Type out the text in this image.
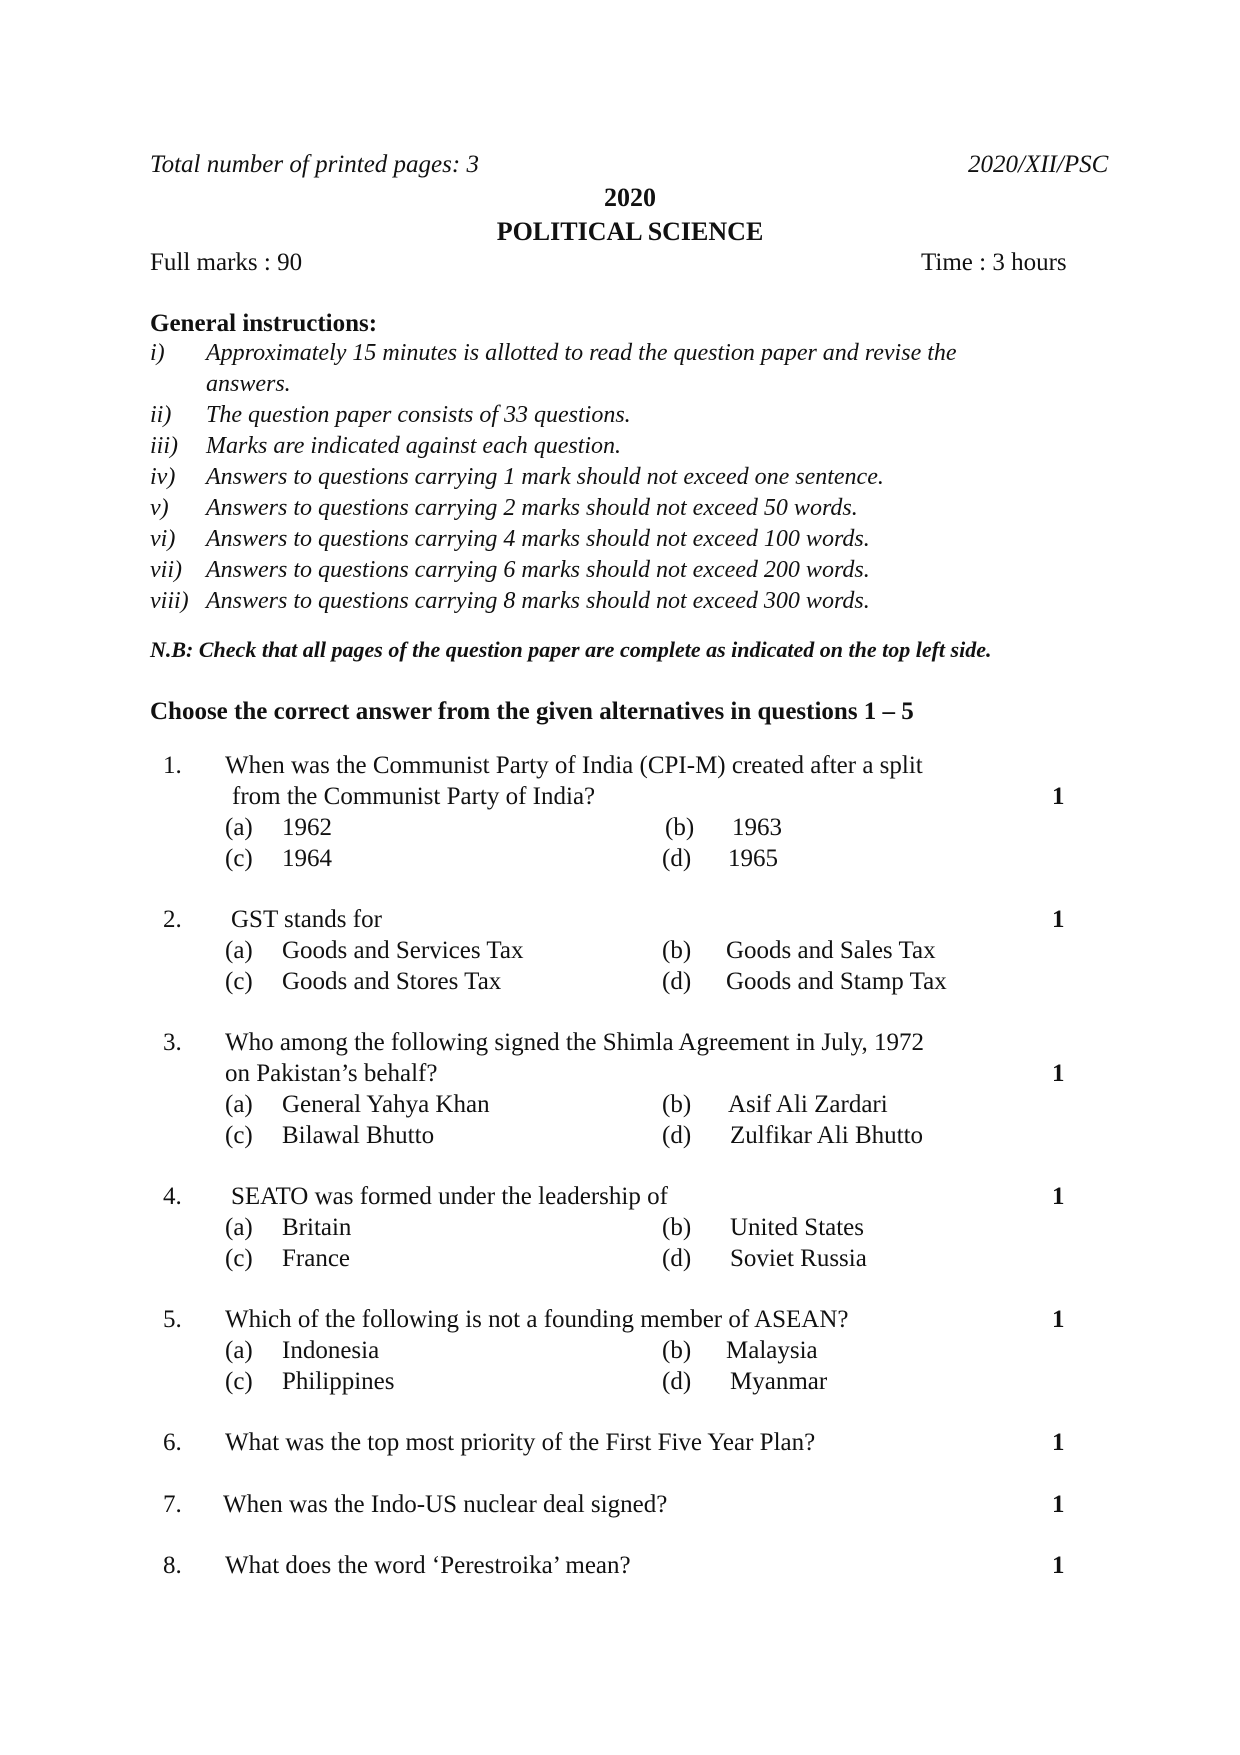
Total number of printed pages: 3	2020/XII/PSC
2020
POLITICAL SCIENCE
Full marks : 90	Time : 3 hours
General instructions:
i)	Approximately 15 minutes is allotted to read the question paper and revise the
answers.
ii)	The question paper consists of 33 questions.
iii)	Marks are indicated against each question.
iv)	Answers to questions carrying 1 mark should not exceed one sentence.
v)	Answers to questions carrying 2 marks should not exceed 50 words.
vi)	Answers to questions carrying 4 marks should not exceed 100 words.
vii)	Answers to questions carrying 6 marks should not exceed 200 words.
viii) Answers to questions carrying 8 marks should not exceed 300 words.
N.B: Check that all pages of the question paper are complete as indicated on the top left side.
Choose the correct answer from the given alternatives in questions 1 – 5
1. When was the Communist Party of India (CPI-M) created after a split
from the Communist Party of India?	1
(a) 1962	(b) 1963
(c) 1964	(d) 1965
2. GST stands for	1
(a) Goods and Services Tax	(b) Goods and Sales Tax
(c) Goods and Stores Tax	(d) Goods and Stamp Tax
3. Who among the following signed the Shimla Agreement in July, 1972
on Pakistan’s behalf?	1
(a) General Yahya Khan	(b) Asif Ali Zardari
(c) Bilawal Bhutto	(d) Zulfikar Ali Bhutto
4. SEATO was formed under the leadership of	1
(a) Britain	(b) United States
(c) France	(d) Soviet Russia
5. Which of the following is not a founding member of ASEAN?	1
(a) Indonesia	(b) Malaysia
(c) Philippines	(d) Myanmar
6. What was the top most priority of the First Five Year Plan?	1
7. When was the Indo-US nuclear deal signed?	1
8. What does the word ‘Perestroika’ mean?	1
